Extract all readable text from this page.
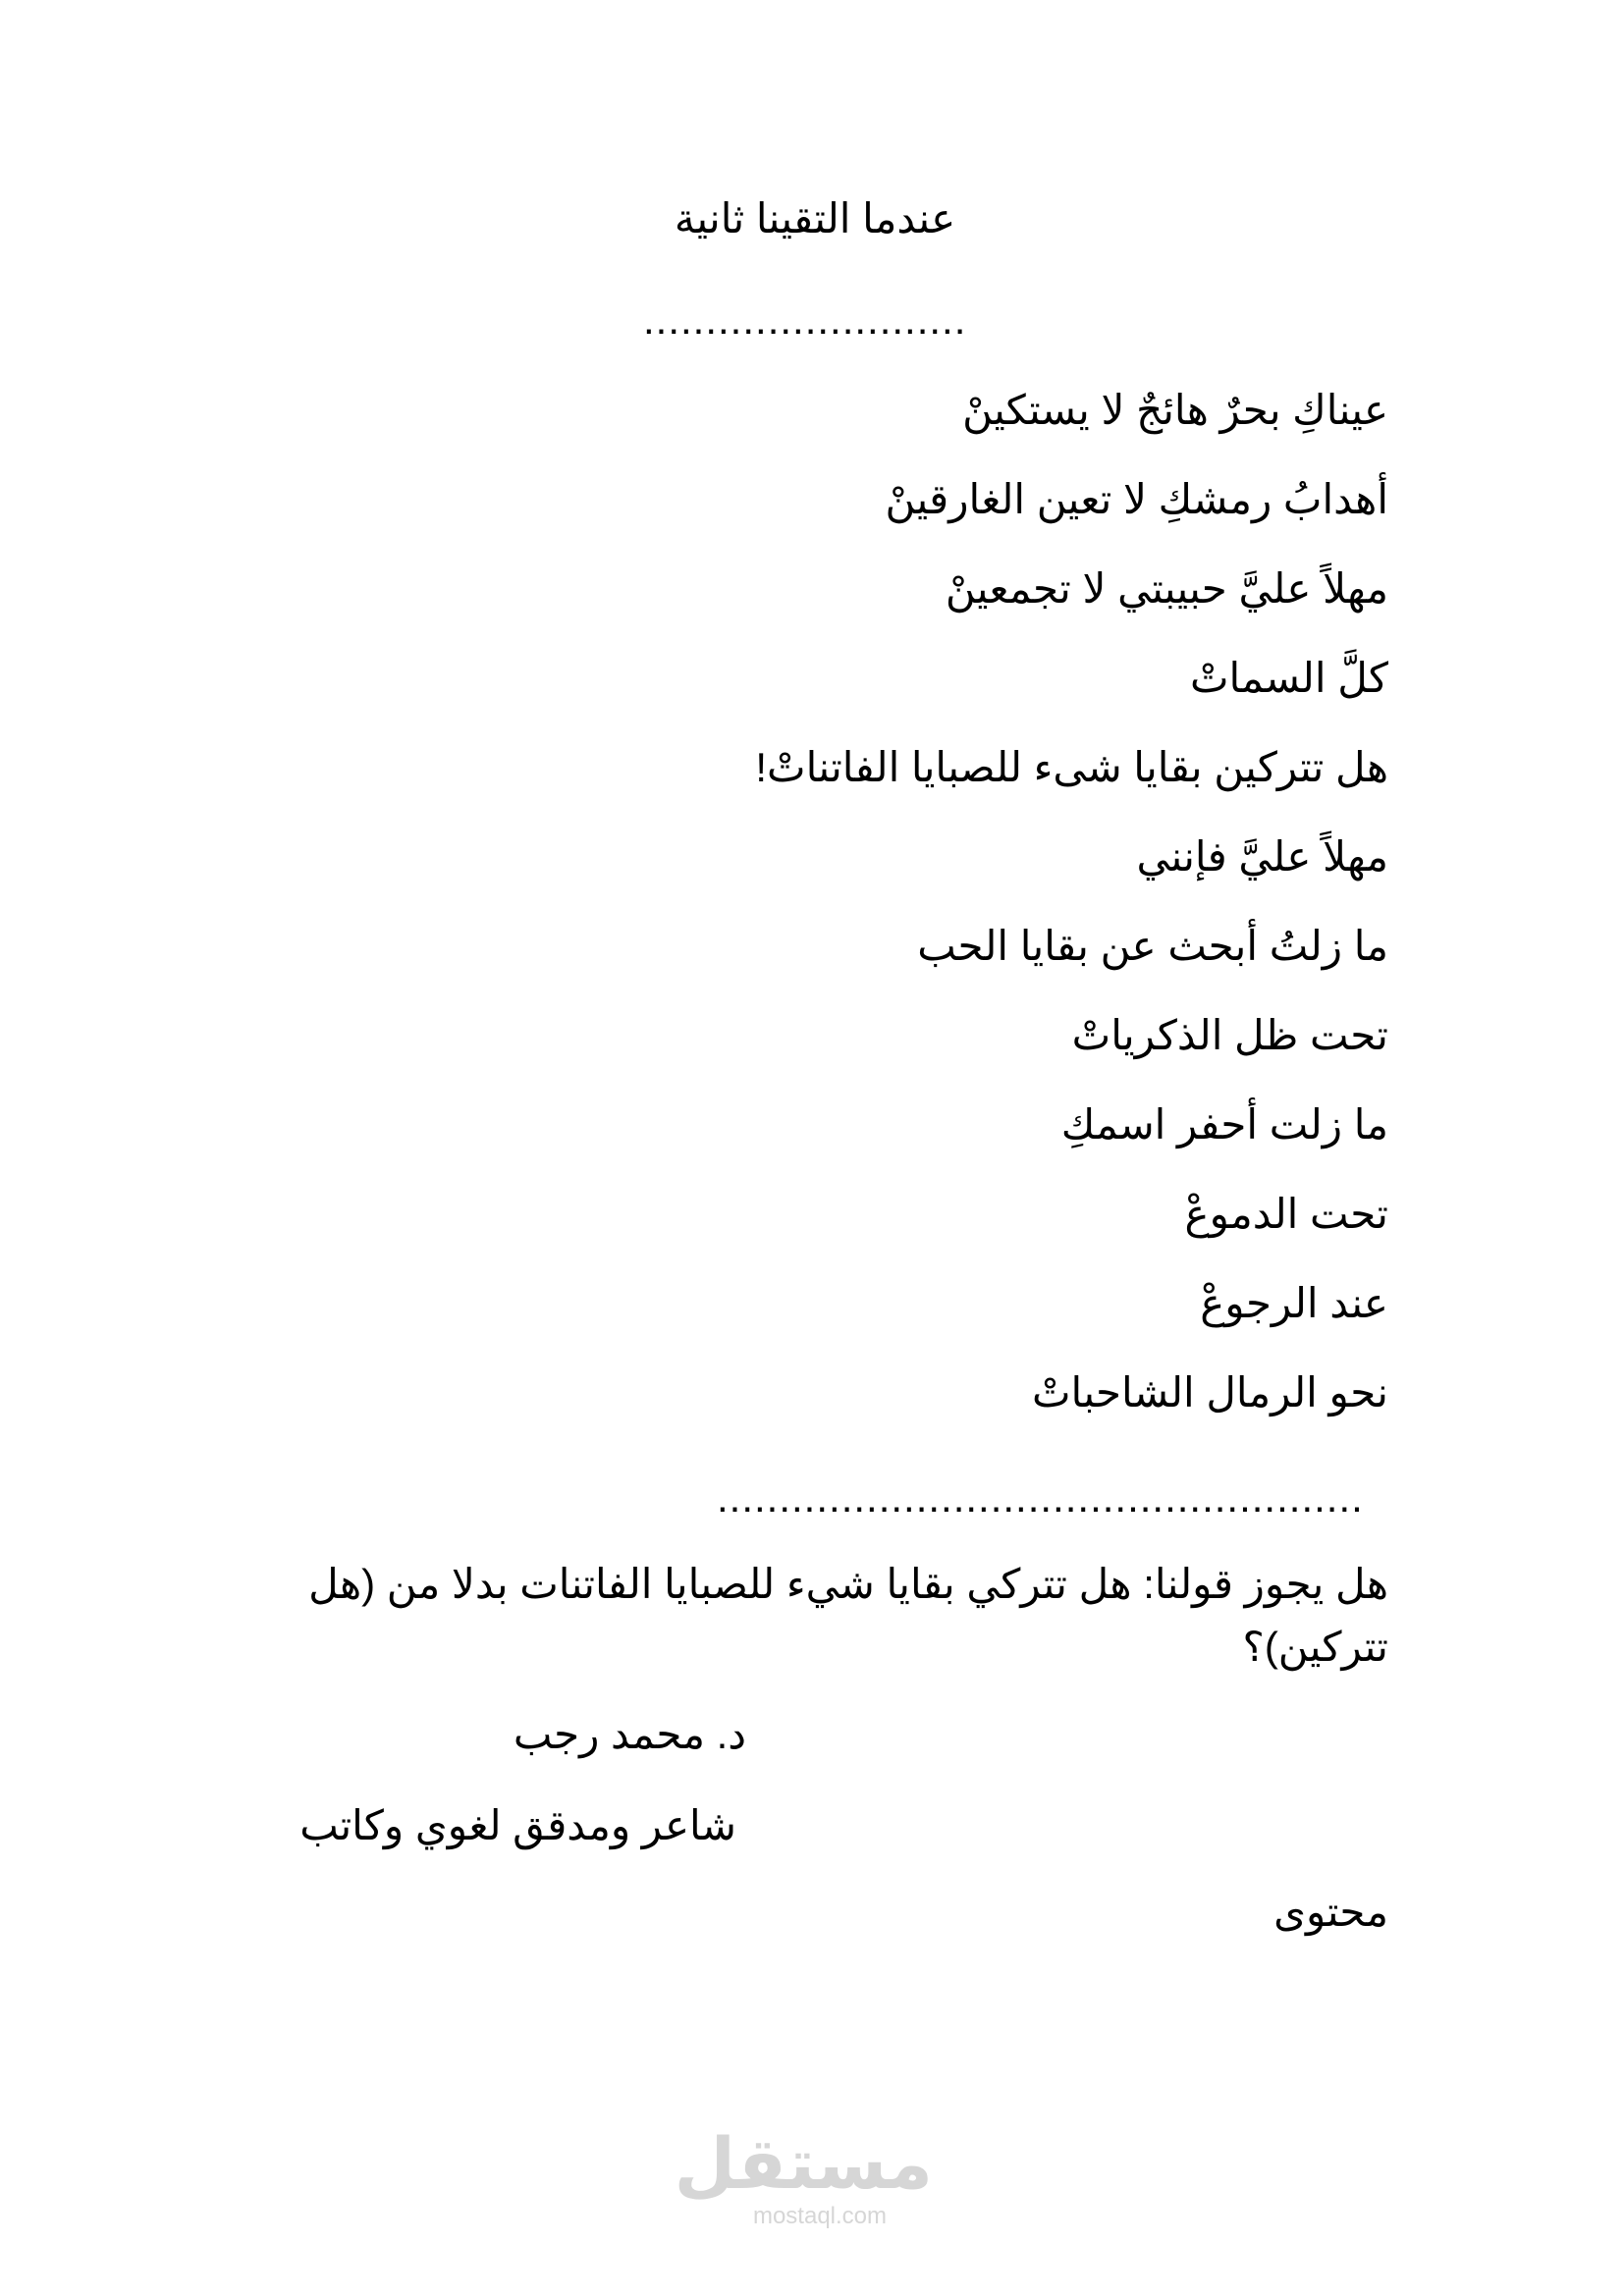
عندما التقينا ثانية
..........................
عيناكِ بحرٌ هائجٌ لا يستكينْ
أهدابُ رمشكِ لا تعين الغارقينْ
مهلاً عليَّ حبيبتي لا تجمعينْ
كلَّ السماتْ
هل تتركين بقايا شىء للصبايا الفاتناتْ!
مهلاً عليَّ فإنني
ما زلتُ أبحث عن بقايا الحب
تحت ظل الذكرياتْ
ما زلت أحفر اسمكِ
تحت الدموعْ
عند الرجوعْ
نحو الرمال الشاحباتْ
....................................................
هل يجوز قولنا: هل تتركي بقايا شيء للصبايا الفاتنات بدلا من (هل تتركين)؟
د. محمد رجب
شاعر ومدقق لغوي وكاتب
محتوى
مستقل
mostaql.com
